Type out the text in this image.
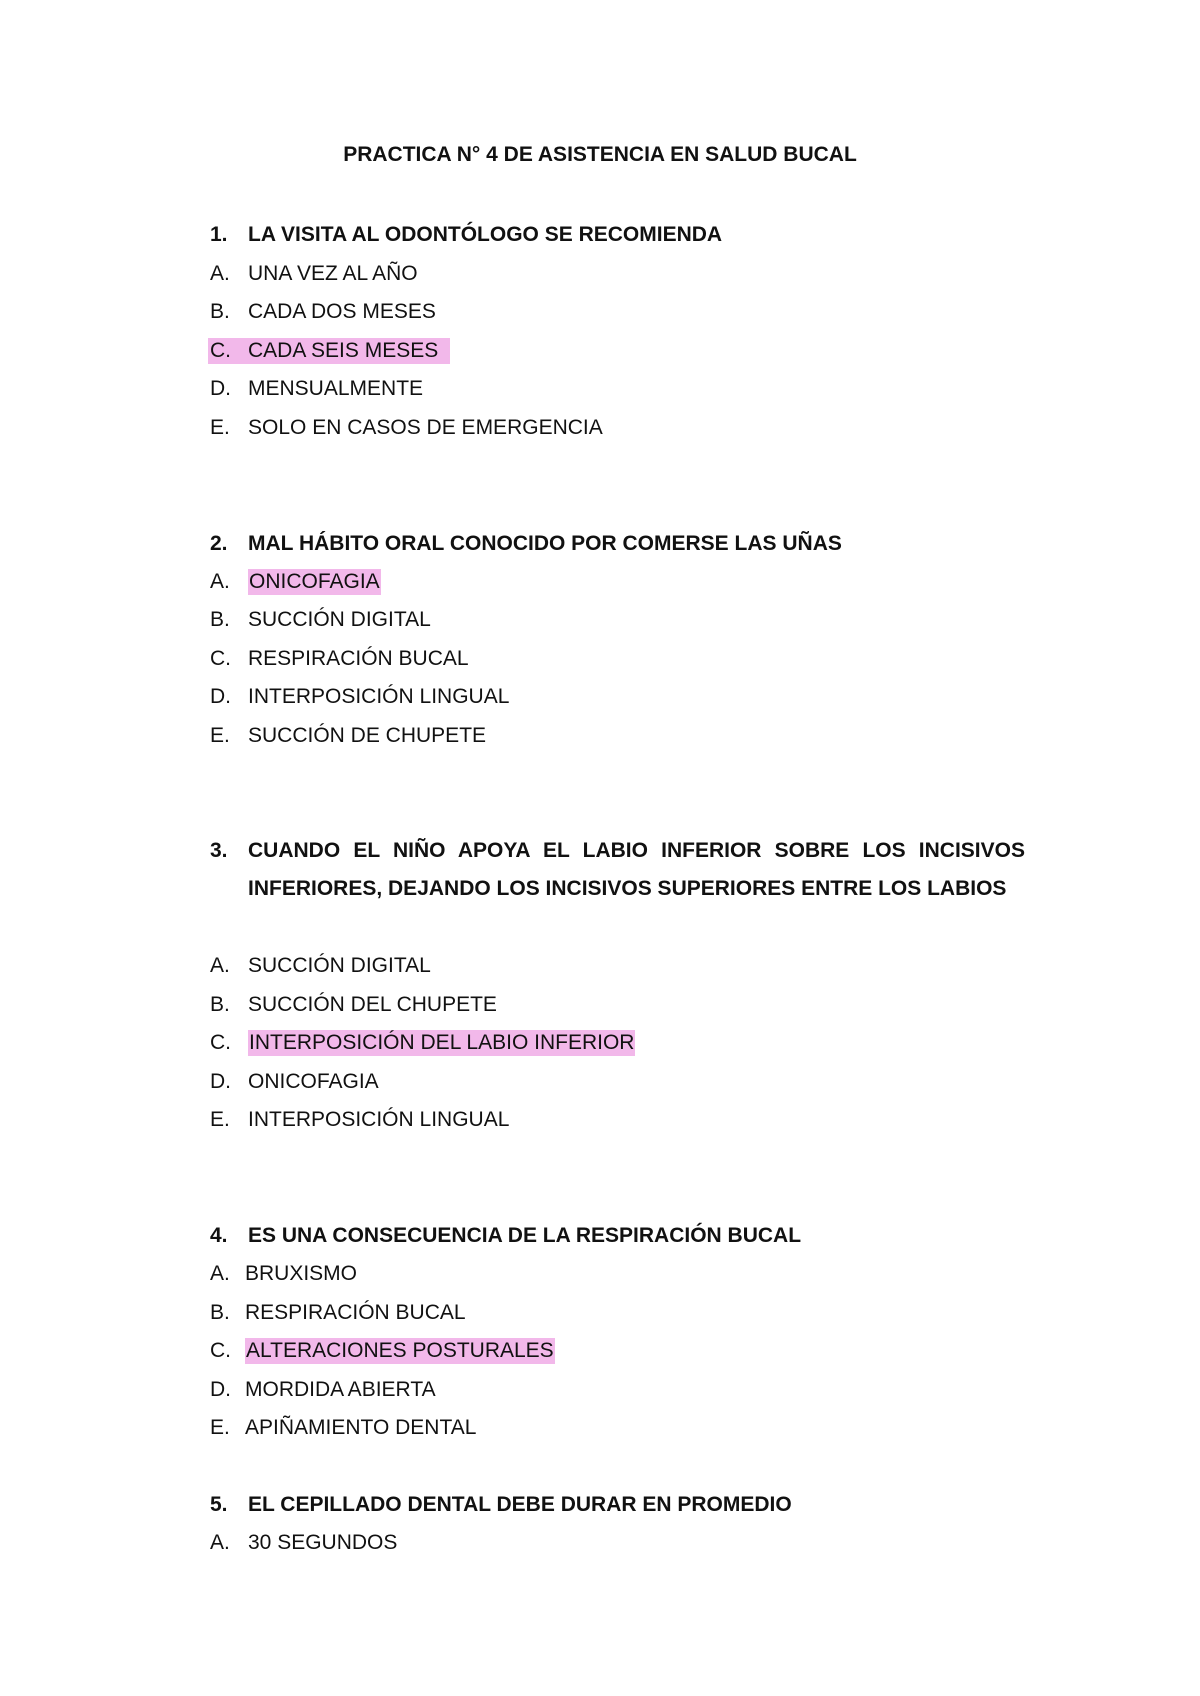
PRACTICA N° 4 DE ASISTENCIA EN SALUD BUCAL
1. LA VISITA AL ODONTÓLOGO SE RECOMIENDA
A. UNA VEZ AL AÑO
B. CADA DOS MESES
C. CADA SEIS MESES
D. MENSUALMENTE
E. SOLO EN CASOS DE EMERGENCIA
2. MAL HÁBITO ORAL CONOCIDO POR COMERSE LAS UÑAS
A. ONICOFAGIA
B. SUCCIÓN DIGITAL
C. RESPIRACIÓN BUCAL
D. INTERPOSICIÓN LINGUAL
E. SUCCIÓN DE CHUPETE
3. CUANDO EL NIÑO APOYA EL LABIO INFERIOR SOBRE LOS INCISIVOS INFERIORES, DEJANDO LOS INCISIVOS SUPERIORES ENTRE LOS LABIOS
A. SUCCIÓN DIGITAL
B. SUCCIÓN DEL CHUPETE
C. INTERPOSICIÓN DEL LABIO INFERIOR
D. ONICOFAGIA
E. INTERPOSICIÓN LINGUAL
4. ES UNA CONSECUENCIA DE LA RESPIRACIÓN BUCAL
A. BRUXISMO
B. RESPIRACIÓN BUCAL
C. ALTERACIONES POSTURALES
D. MORDIDA ABIERTA
E. APIÑAMIENTO DENTAL
5. EL CEPILLADO DENTAL DEBE DURAR EN PROMEDIO
A. 30 SEGUNDOS
